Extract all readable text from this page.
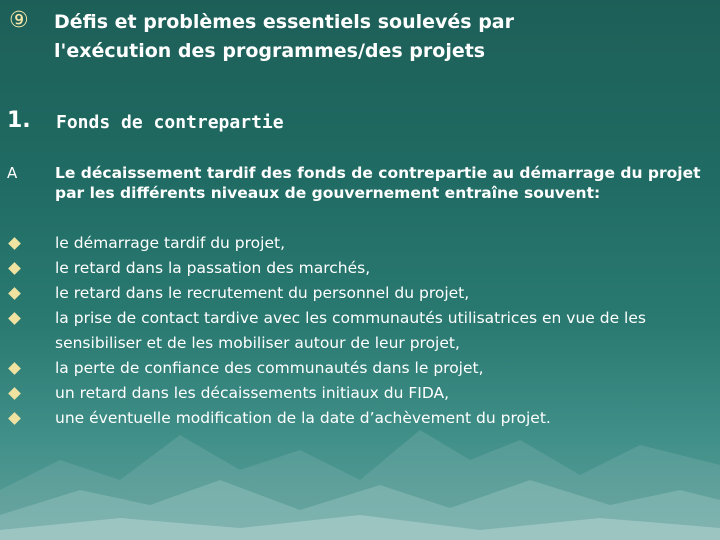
⑨ Défis et problèmes essentiels soulevés par
l'exécution des programmes/des projets
1. Fonds de contrepartie
A Le décaissement tardif des fonds de contrepartie au démarrage du projet par les différents niveaux de gouvernement entraîne souvent:
le démarrage tardif du projet,
le retard dans la passation des marchés,
le retard dans le recrutement du personnel du projet,
la prise de contact tardive avec les communautés utilisatrices en vue de les sensibiliser et de les mobiliser autour de leur projet,
la perte de confiance des communautés dans le projet,
un retard dans les décaissements initiaux du FIDA,
une éventuelle modification de la date d’achèvement du projet.
